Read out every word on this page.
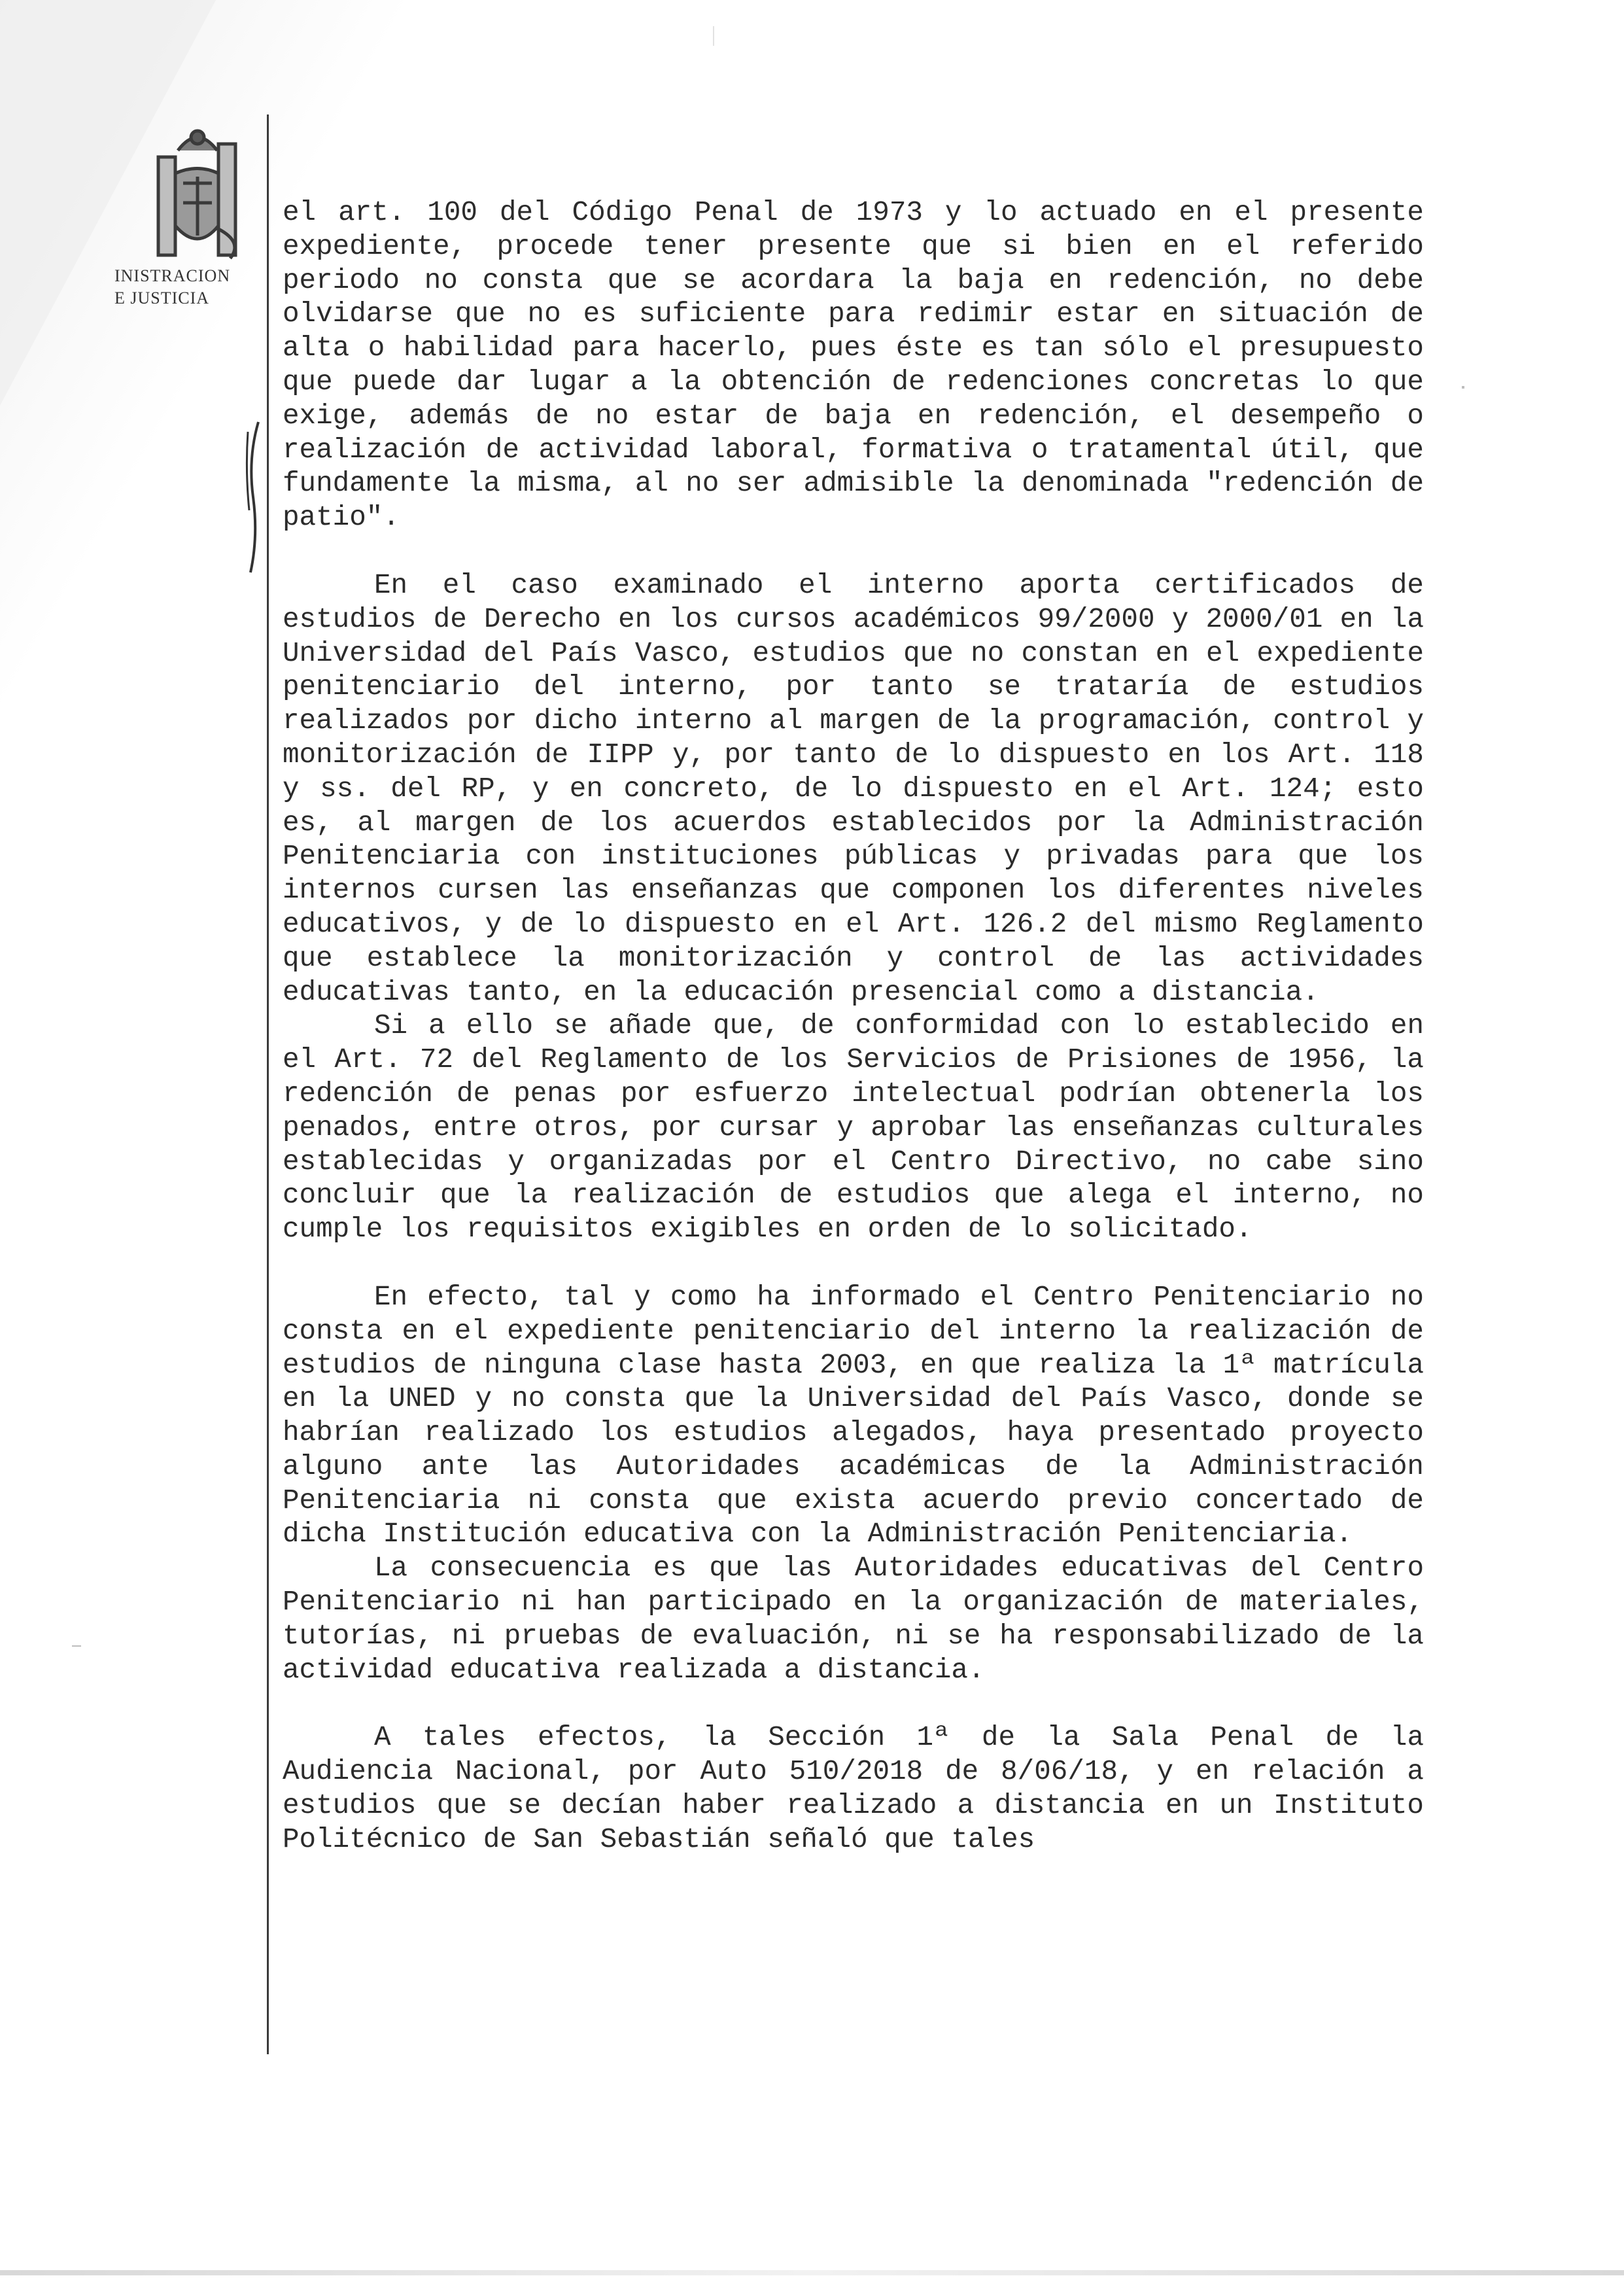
INISTRACION
E JUSTICIA

el art. 100 del Código Penal de 1973 y lo actuado en el presente expediente, procede tener presente que si bien en el referido periodo no consta que se acordara la baja en redención, no debe olvidarse que no es suficiente para redimir estar en situación de alta o habilidad para hacerlo, pues éste es tan sólo el presupuesto que puede dar lugar a la obtención de redenciones concretas lo que exige, además de no estar de baja en redención, el desempeño o realización de actividad laboral, formativa o tratamental útil, que fundamente la misma, al no ser admisible la denominada "redención de patio".

En el caso examinado el interno aporta certificados de estudios de Derecho en los cursos académicos 99/2000 y 2000/01 en la Universidad del País Vasco, estudios que no constan en el expediente penitenciario del interno, por tanto se trataría de estudios realizados por dicho interno al margen de la programación, control y monitorización de IIPP y, por tanto de lo dispuesto en los Art. 118 y ss. del RP, y en concreto, de lo dispuesto en el Art. 124; esto es, al margen de los acuerdos establecidos por la Administración Penitenciaria con instituciones públicas y privadas para que los internos cursen las enseñanzas que componen los diferentes niveles educativos, y de lo dispuesto en el Art. 126.2 del mismo Reglamento que establece la monitorización y control de las actividades educativas tanto, en la educación presencial como a distancia.

Si a ello se añade que, de conformidad con lo establecido en el Art. 72 del Reglamento de los Servicios de Prisiones de 1956, la redención de penas por esfuerzo intelectual podrían obtenerla los penados, entre otros, por cursar y aprobar las enseñanzas culturales establecidas y organizadas por el Centro Directivo, no cabe sino concluir que la realización de estudios que alega el interno, no cumple los requisitos exigibles en orden de lo solicitado.

En efecto, tal y como ha informado el Centro Penitenciario no consta en el expediente penitenciario del interno la realización de estudios de ninguna clase hasta 2003, en que realiza la 1ª matrícula en la UNED y no consta que la Universidad del País Vasco, donde se habrían realizado los estudios alegados, haya presentado proyecto alguno ante las Autoridades académicas de la Administración Penitenciaria ni consta que exista acuerdo previo concertado de dicha Institución educativa con la Administración Penitenciaria.

La consecuencia es que las Autoridades educativas del Centro Penitenciario ni han participado en la organización de materiales, tutorías, ni pruebas de evaluación, ni se ha responsabilizado de la actividad educativa realizada a distancia.

A tales efectos, la Sección 1ª de la Sala Penal de la Audiencia Nacional, por Auto 510/2018 de 8/06/18, y en relación a estudios que se decían haber realizado a distancia en un Instituto Politécnico de San Sebastián señaló que tales
